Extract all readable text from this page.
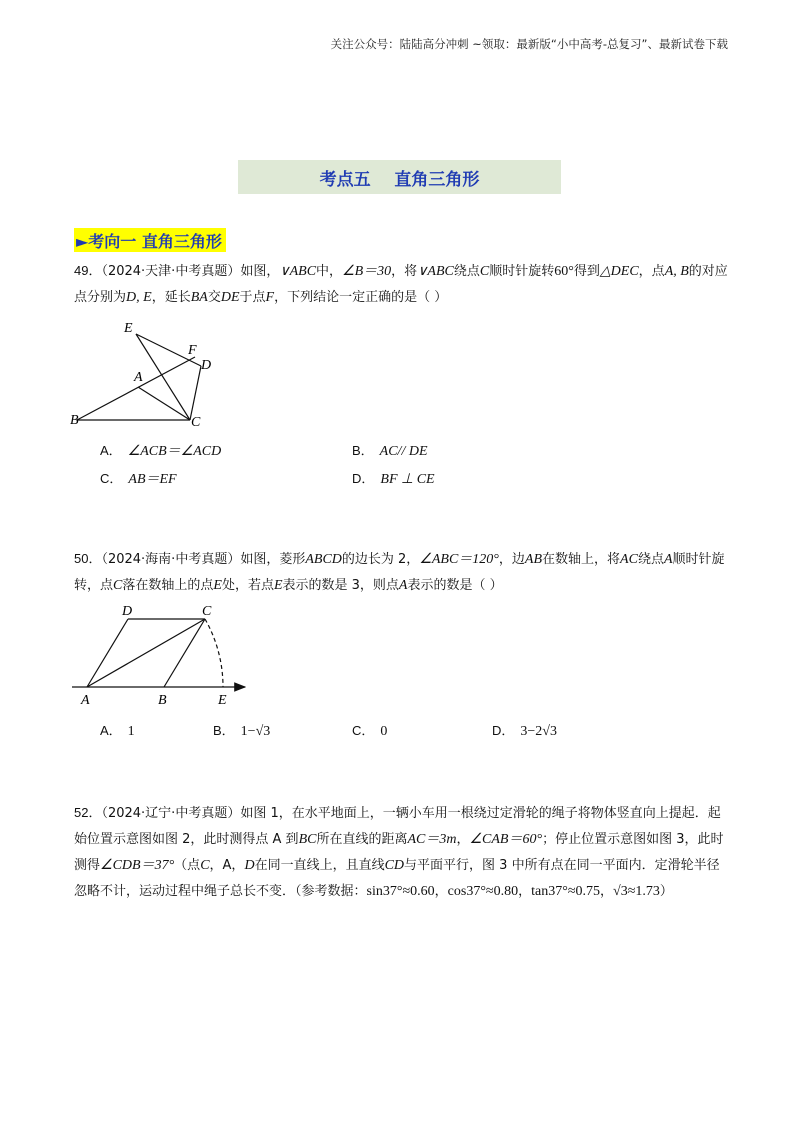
关注公众号：陆陆高分冲刺 ~领取：最新版“小中高考-总复习”、最新试卷下载
考点五    直角三角形
►考向一 直角三角形
49．（2024·天津·中考真题）如图，∨ABC中，∠B＝30，将∨ABC绕点C顺时针旋转60°得到△DEC，点A, B的对应点分别为D, E，延长BA交DE于点F，下列结论一定正确的是（ ）
E
F
D
A
B	C
A． ∠ACB＝∠ACD	B． AC// DE
C． AB＝EF	D． BF ⊥ CE
50．（2024·海南·中考真题）如图，菱形ABCD的边长为 2，∠ABC＝120°，边AB在数轴上，将AC绕点A顺时针旋转，点C落在数轴上的点E处，若点E表示的数是 3，则点A表示的数是（ ）
D	C
A	B	E
A． 1	B． 1−√3	C． 0	D． 3−2√3
52．（2024·辽宁·中考真题）如图 1，在水平地面上，一辆小车用一根绕过定滑轮的绳子将物体竖直向上提起．起始位置示意图如图 2，此时测得点 A 到BC所在直线的距离AC＝3m，∠CAB＝60°；停止位置示意图如图 3，此时测得∠CDB＝37°（点C，A，D在同一直线上，且直线CD与平面平行，图 3 中所有点在同一平面内．定滑轮半径忽略不计，运动过程中绳子总长不变．（参考数据：sin37°≈0.60，cos37°≈0.80，tan37°≈0.75，√3≈1.73）
